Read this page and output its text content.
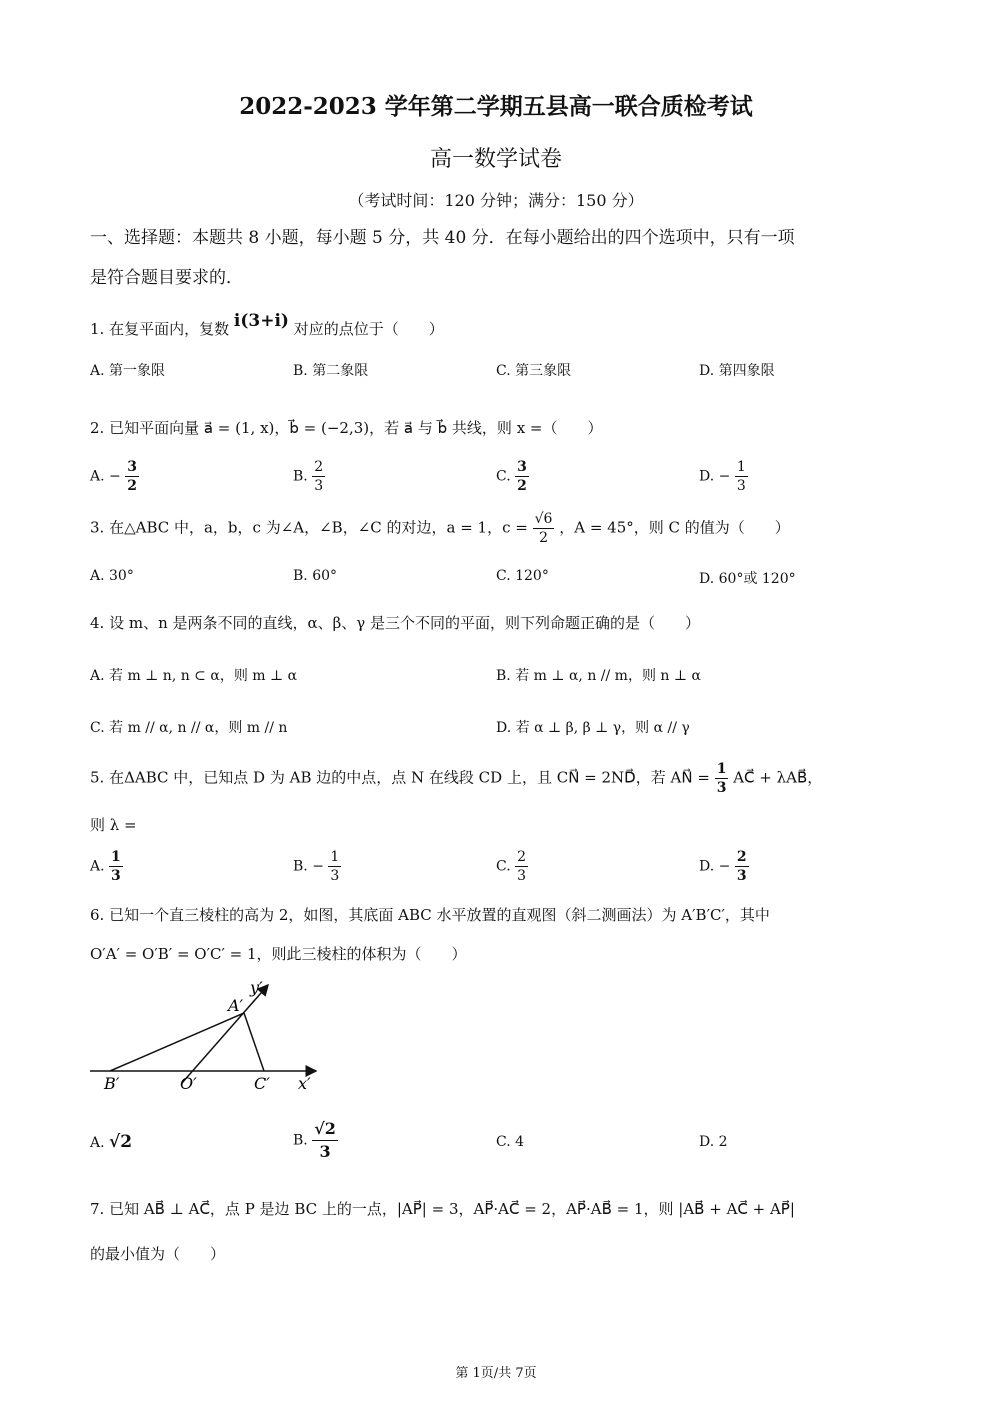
2022-2023 学年第二学期五县高一联合质检考试
高一数学试卷
（考试时间：120 分钟；满分：150 分）
一、选择题：本题共 8 小题，每小题 5 分，共 40 分．在每小题给出的四个选项中，只有一项
是符合题目要求的．
1. 在复平面内，复数 i(3+i) 对应的点位于（　　）
A. 第一象限	B. 第二象限	C. 第三象限	D. 第四象限
2. 已知平面向量 a⃗ = (1, x)，b⃗ = (−2,3)，若 a⃗ 与 b⃗ 共线，则 x =（　　）
A. − $\frac{3}{2}$	B. $\frac{2}{3}$	C. $\frac{3}{2}$	D. − $\frac{1}{3}$
3. 在△ABC 中，a，b，c 为∠A，∠B，∠C 的对边，a = 1，$c = \frac{√6}{2}$ ，A = 45°，则 C 的值为（　　）
A. 30°	B. 60°	C. 120°	D. 60°或 120°
4. 设 m、n 是两条不同的直线，α、β、γ 是三个不同的平面，则下列命题正确的是（　　）
A. 若 m ⊥ n, n ⊂ α，则 m ⊥ α	B. 若 m ⊥ α, n // m，则 n ⊥ α
C. 若 m // α, n // α，则 m // n	D. 若 α ⊥ β, β ⊥ γ，则 α // γ
5. 在ΔABC 中，已知点 D 为 AB 边的中点，点 N 在线段 CD 上，且 CN⃗ = 2ND⃗，若 AN⃗ = $\frac{1}{3}$ AC⃗ + λAB⃗，
则 λ =
A. $\frac{1}{3}$	B. − $\frac{1}{3}$	C. $\frac{2}{3}$	D. − $\frac{2}{3}$
6. 已知一个直三棱柱的高为 2，如图，其底面 ABC 水平放置的直观图（斜二测画法）为 A′B′C′，其中
O′A′ = O′B′ = O′C′ = 1，则此三棱柱的体积为（　　）
A′
y′
B′	O′	C′ x′
A. √2	B. $\frac{√2}{3}$	C. 4	D. 2
7. 已知 AB⃗ ⊥ AC⃗，点 P 是边 BC 上的一点，|AP⃗| = 3，AP⃗·AC⃗ = 2，AP⃗·AB⃗ = 1，则 |AB⃗ + AC⃗ + AP⃗|
的最小值为（　　）
第 1页/共 7页
